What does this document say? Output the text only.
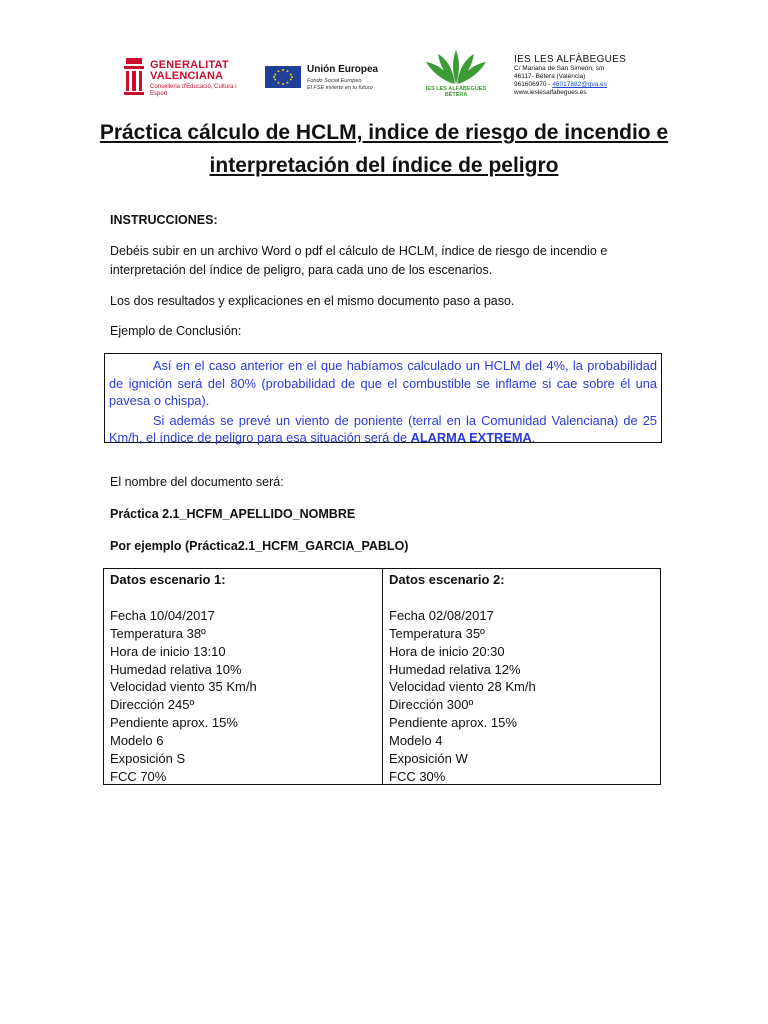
GENERALITAT
VALENCIANA
Conselleria d'Educació, Cultura i Esport
Unión Europea
Fondo Social Europeo
El FSE invierte en tu futuro	IES LES ALFÀBEGUES
BÉTERA
IES LES ALFÀBEGUES
C/ Mariana de San Simeón, s/n
46117- Bétera (València)
961606970 - 46017882@gva.es
www.ieslesalfabegues.es
Práctica cálculo de HCLM, indice de riesgo de incendio e
interpretación del índice de peligro
INSTRUCCIONES:
Debéis subir en un archivo Word o pdf el cálculo de HCLM, índice de riesgo de incendio e
interpretación del índice de peligro, para cada uno de los escenarios.
Los dos resultados y explicaciones en el mismo documento paso a paso.
Ejemplo de Conclusión:

Así en el caso anterior en el que habíamos calculado un HCLM del 4%, la probabilidad de ignición será del 80% (probabilidad de que el combustible se inflame si cae sobre él una pavesa o chispa).

Si además se prevé un viento de poniente (terral en la Comunidad Valenciana) de 25 Km/h, el índice de peligro para esa situación será de ALARMA EXTREMA.

El nombre del documento será:
Práctica 2.1_HCFM_APELLIDO_NOMBRE
Por ejemplo (Práctica2.1_HCFM_GARCIA_PABLO)
Datos escenario 1:
Fecha 10/04/2017
Temperatura 38º
Hora de inicio 13:10
Humedad relativa 10%
Velocidad viento 35 Km/h
Dirección 245º
Pendiente aprox. 15%
Modelo 6
Exposición S
FCC 70%
Datos escenario 2:
Fecha 02/08/2017
Temperatura 35º
Hora de inicio 20:30
Humedad relativa 12%
Velocidad viento 28 Km/h
Dirección 300º
Pendiente aprox. 15%
Modelo 4
Exposición W
FCC 30%
